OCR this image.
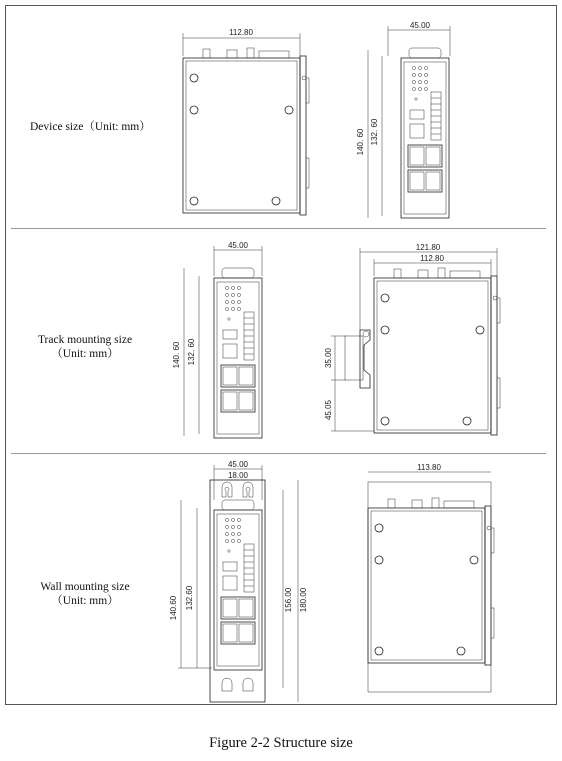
Device size（Unit: mm）
Track mounting size
（Unit: mm）
Wall mounting size
（Unit: mm）
112.80
45.00
140. 60 132. 60
45.00
140. 60 132. 60
121.80
112.80
35.00
45.05
45.00
18.00
140.60 132.60	156.00 180.00
113.80
Figure 2-2 Structure size
